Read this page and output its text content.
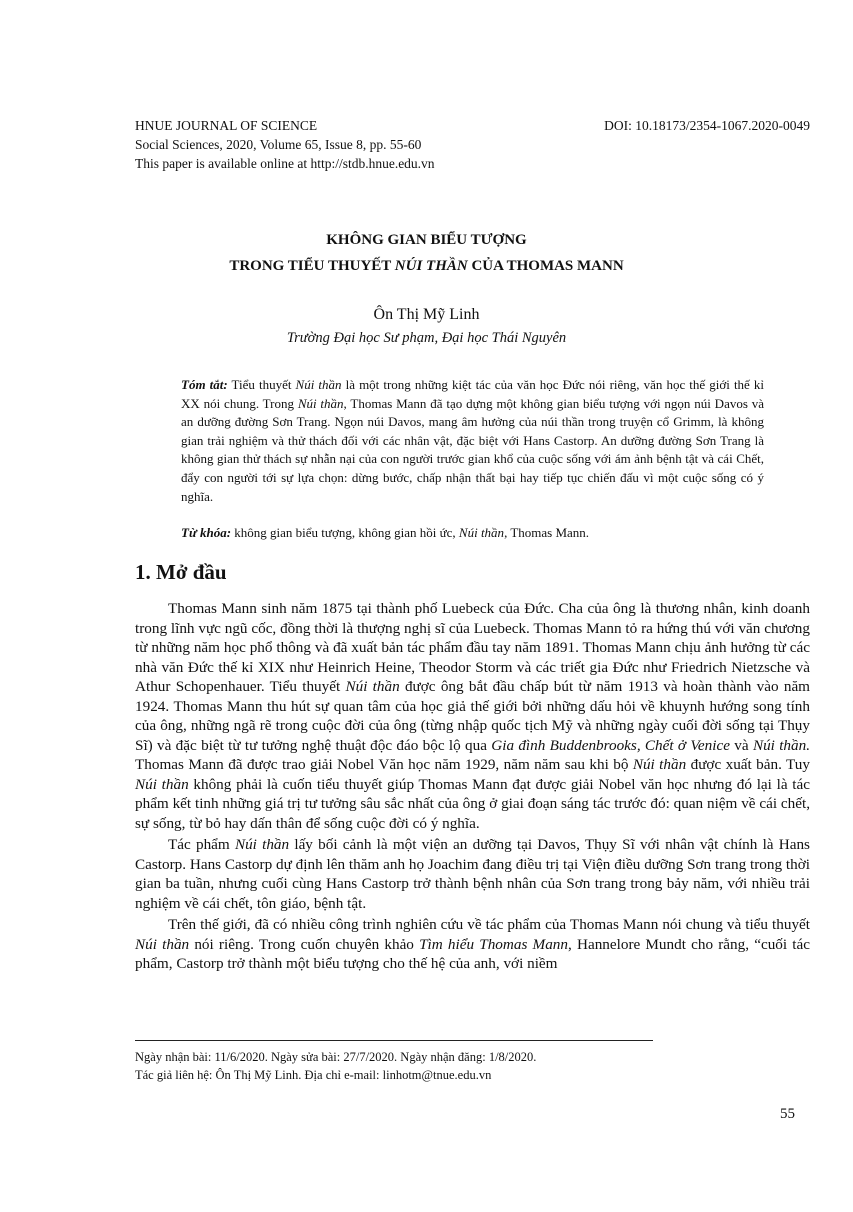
HNUE JOURNAL OF SCIENCE	DOI: 10.18173/2354-1067.2020-0049
Social Sciences, 2020, Volume 65, Issue 8, pp. 55-60
This paper is available online at http://stdb.hnue.edu.vn
KHÔNG GIAN BIỂU TƯỢNG
TRONG TIỂU THUYẾT NÚI THẦN CỦA THOMAS MANN
Ôn Thị Mỹ Linh
Trường Đại học Sư phạm, Đại học Thái Nguyên

Tóm tắt: Tiểu thuyết Núi thần là một trong những kiệt tác của văn học Đức nói riêng, văn học thế giới thế kỉ XX nói chung. Trong Núi thần, Thomas Mann đã tạo dựng một không gian biểu tượng với ngọn núi Davos và an dưỡng đường Sơn Trang. Ngọn núi Davos, mang âm hưởng của núi thần trong truyện cổ Grimm, là không gian trải nghiệm và thử thách đối với các nhân vật, đặc biệt với Hans Castorp. An dưỡng đường Sơn Trang là không gian thử thách sự nhẫn nại của con người trước gian khổ của cuộc sống với ám ảnh bệnh tật và cái Chết, đẩy con người tới sự lựa chọn: dừng bước, chấp nhận thất bại hay tiếp tục chiến đấu vì một cuộc sống có ý nghĩa.

Từ khóa: không gian biểu tượng, không gian hồi ức, Núi thần, Thomas Mann.
1. Mở đầu

Thomas Mann sinh năm 1875 tại thành phố Luebeck của Đức. Cha của ông là thương nhân, kinh doanh trong lĩnh vực ngũ cốc, đồng thời là thượng nghị sĩ của Luebeck. Thomas Mann tỏ ra hứng thú với văn chương từ những năm học phổ thông và đã xuất bản tác phẩm đầu tay năm 1891. Thomas Mann chịu ảnh hưởng từ các nhà văn Đức thế kỉ XIX như Heinrich Heine, Theodor Storm và các triết gia Đức như Friedrich Nietzsche và Athur Schopenhauer. Tiểu thuyết Núi thần được ông bắt đầu chấp bút từ năm 1913 và hoàn thành vào năm 1924. Thomas Mann thu hút sự quan tâm của học giả thế giới bởi những dấu hỏi về khuynh hướng song tính của ông, những ngã rẽ trong cuộc đời của ông (từng nhập quốc tịch Mỹ và những ngày cuối đời sống tại Thụy Sĩ) và đặc biệt từ tư tưởng nghệ thuật độc đáo bộc lộ qua Gia đình Buddenbrooks, Chết ở Venice và Núi thần. Thomas Mann đã được trao giải Nobel Văn học năm 1929, năm năm sau khi bộ Núi thần được xuất bản. Tuy Núi thần không phải là cuốn tiểu thuyết giúp Thomas Mann đạt được giải Nobel văn học nhưng đó lại là tác phẩm kết tinh những giá trị tư tưởng sâu sắc nhất của ông ở giai đoạn sáng tác trước đó: quan niệm về cái chết, sự sống, từ bỏ hay dấn thân để sống cuộc đời có ý nghĩa.

Tác phẩm Núi thần lấy bối cảnh là một viện an dưỡng tại Davos, Thụy Sĩ với nhân vật chính là Hans Castorp. Hans Castorp dự định lên thăm anh họ Joachim đang điều trị tại Viện điều dưỡng Sơn trang trong thời gian ba tuần, nhưng cuối cùng Hans Castorp trở thành bệnh nhân của Sơn trang trong bảy năm, với nhiều trải nghiệm về cái chết, tôn giáo, bệnh tật.

Trên thế giới, đã có nhiều công trình nghiên cứu về tác phẩm của Thomas Mann nói chung và tiểu thuyết Núi thần nói riêng. Trong cuốn chuyên khảo Tìm hiểu Thomas Mann, Hannelore Mundt cho rằng, “cuối tác phẩm, Castorp trở thành một biểu tượng cho thế hệ của anh, với niềm

Ngày nhận bài: 11/6/2020. Ngày sửa bài: 27/7/2020. Ngày nhận đăng: 1/8/2020.
Tác giả liên hệ: Ôn Thị Mỹ Linh. Địa chỉ e-mail: linhotm@tnue.edu.vn
55
